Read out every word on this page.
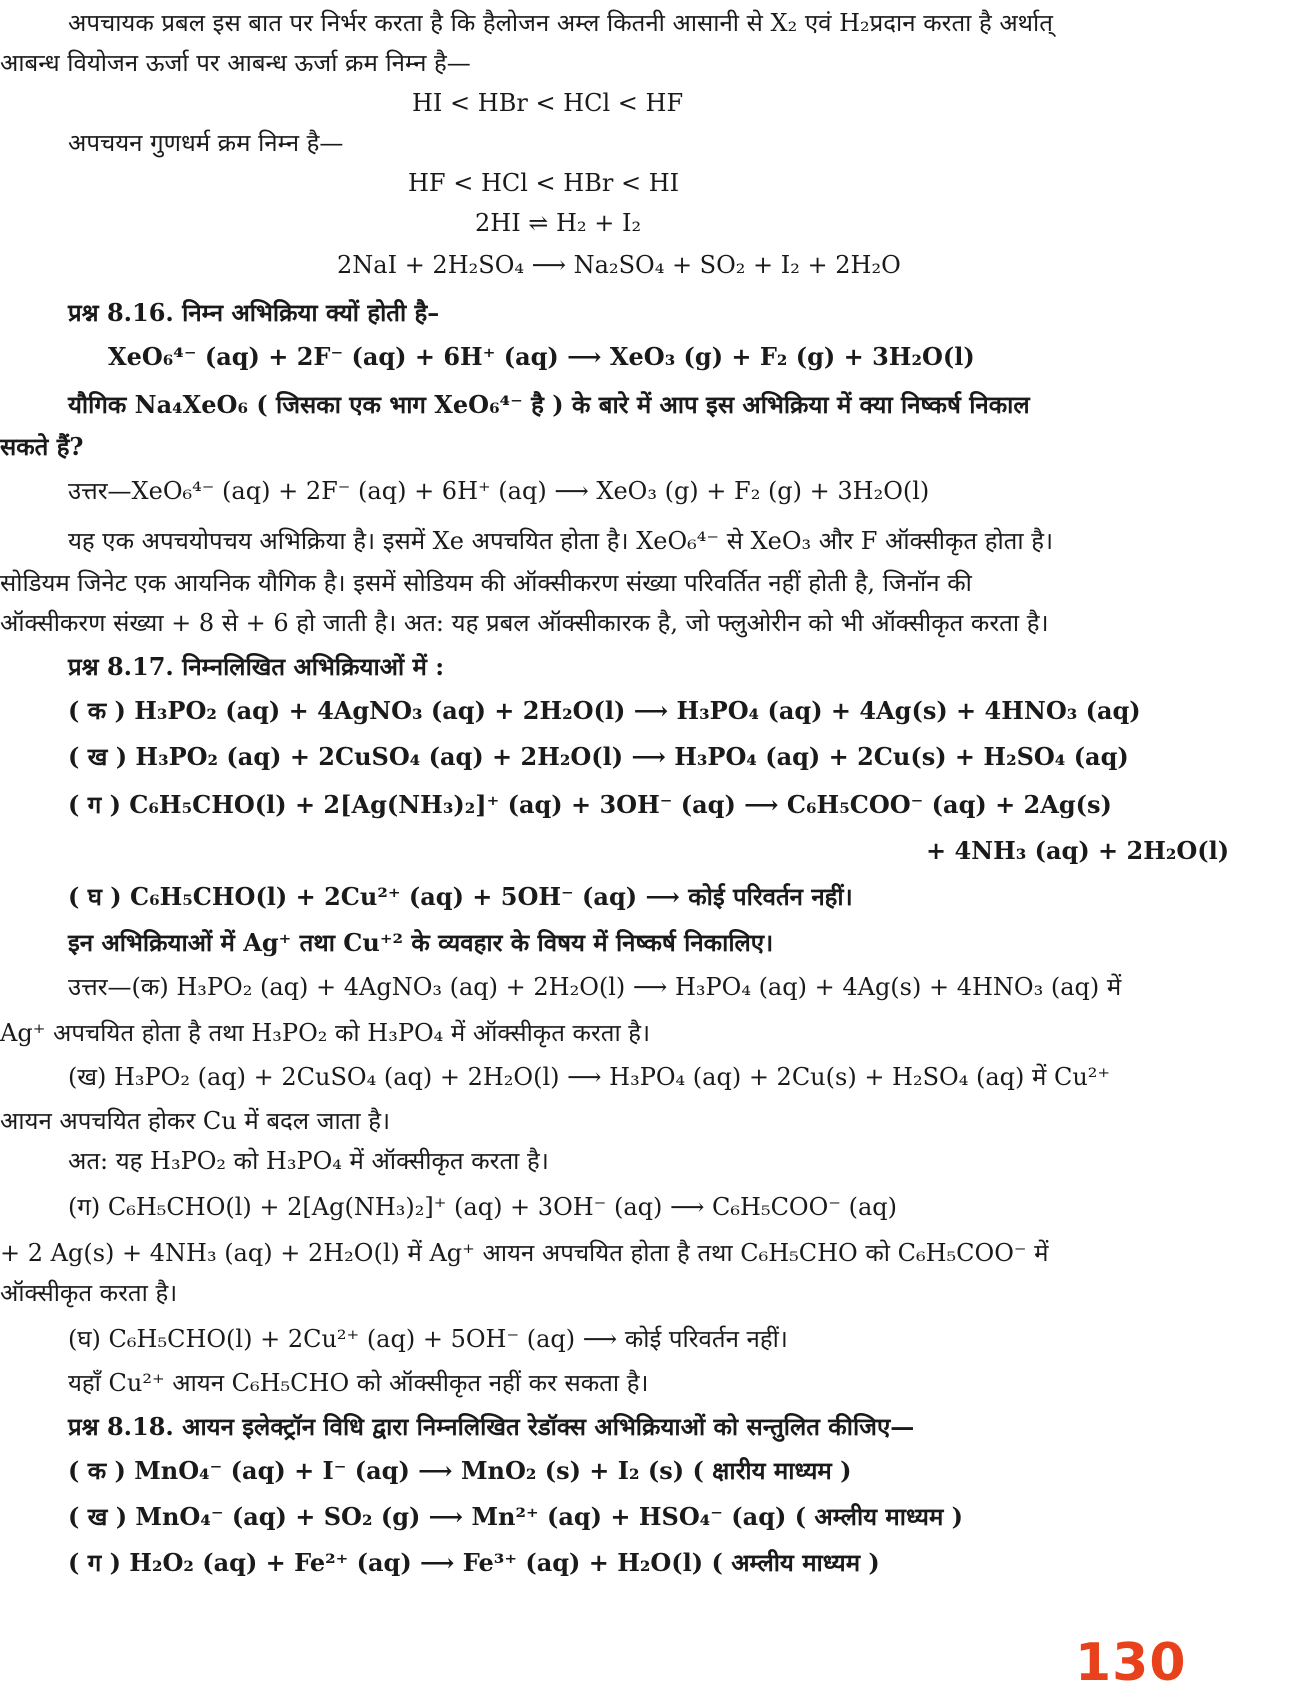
अपचायक प्रबल इस बात पर निर्भर करता है कि हैलोजन अम्ल कितनी आसानी से X₂ एवं H₂प्रदान करता है अर्थात्
आबन्ध वियोजन ऊर्जा पर आबन्ध ऊर्जा क्रम निम्न है—
HI < HBr < HCl < HF
अपचयन गुणधर्म क्रम निम्न है—
HF < HCl < HBr < HI
2HI ⇌ H₂ + I₂
2NaI + 2H₂SO₄ ⟶ Na₂SO₄ + SO₂ + I₂ + 2H₂O
प्रश्न 8.16. निम्न अभिक्रिया क्यों होती है–
XeO₆⁴⁻ (aq) + 2F⁻ (aq) + 6H⁺ (aq) ⟶ XeO₃ (g) + F₂ (g) + 3H₂O(l)
यौगिक Na₄XeO₆ ( जिसका एक भाग XeO₆⁴⁻ है ) के बारे में आप इस अभिक्रिया में क्या निष्कर्ष निकाल
सकते हैं?
उत्तर—XeO₆⁴⁻ (aq) + 2F⁻ (aq) + 6H⁺ (aq) ⟶ XeO₃ (g) + F₂ (g) + 3H₂O(l)
यह एक अपचयोपचय अभिक्रिया है। इसमें Xe अपचयित होता है। XeO₆⁴⁻ से XeO₃ और F ऑक्सीकृत होता है।
सोडियम जिनेट एक आयनिक यौगिक है। इसमें सोडियम की ऑक्सीकरण संख्या परिवर्तित नहीं होती है, जिनॉन की
ऑक्सीकरण संख्या + 8 से + 6 हो जाती है। अत: यह प्रबल ऑक्सीकारक है, जो फ्लुओरीन को भी ऑक्सीकृत करता है।
प्रश्न 8.17. निम्नलिखित अभिक्रियाओं में :
( क ) H₃PO₂ (aq) + 4AgNO₃ (aq) + 2H₂O(l) ⟶ H₃PO₄ (aq) + 4Ag(s) + 4HNO₃ (aq)
( ख ) H₃PO₂ (aq) + 2CuSO₄ (aq) + 2H₂O(l) ⟶ H₃PO₄ (aq) + 2Cu(s) + H₂SO₄ (aq)
( ग ) C₆H₅CHO(l) + 2[Ag(NH₃)₂]⁺ (aq) + 3OH⁻ (aq) ⟶ C₆H₅COO⁻ (aq) + 2Ag(s)
+ 4NH₃ (aq) + 2H₂O(l)
( घ ) C₆H₅CHO(l) + 2Cu²⁺ (aq) + 5OH⁻ (aq) ⟶ कोई परिवर्तन नहीं।
इन अभिक्रियाओं में Ag⁺ तथा Cu⁺² के व्यवहार के विषय में निष्कर्ष निकालिए।
उत्तर—(क) H₃PO₂ (aq) + 4AgNO₃ (aq) + 2H₂O(l) ⟶ H₃PO₄ (aq) + 4Ag(s) + 4HNO₃ (aq) में
Ag⁺ अपचयित होता है तथा H₃PO₂ को H₃PO₄ में ऑक्सीकृत करता है।
(ख) H₃PO₂ (aq) + 2CuSO₄ (aq) + 2H₂O(l) ⟶ H₃PO₄ (aq) + 2Cu(s) + H₂SO₄ (aq) में Cu²⁺
आयन अपचयित होकर Cu में बदल जाता है।
अत: यह H₃PO₂ को H₃PO₄ में ऑक्सीकृत करता है।
(ग) C₆H₅CHO(l) + 2[Ag(NH₃)₂]⁺ (aq) + 3OH⁻ (aq) ⟶ C₆H₅COO⁻ (aq)
+ 2 Ag(s) + 4NH₃ (aq) + 2H₂O(l) में Ag⁺ आयन अपचयित होता है तथा C₆H₅CHO को C₆H₅COO⁻ में
ऑक्सीकृत करता है।
(घ) C₆H₅CHO(l) + 2Cu²⁺ (aq) + 5OH⁻ (aq) ⟶ कोई परिवर्तन नहीं।
यहाँ Cu²⁺ आयन C₆H₅CHO को ऑक्सीकृत नहीं कर सकता है।
प्रश्न 8.18. आयन इलेक्ट्रॉन विधि द्वारा निम्नलिखित रेडॉक्स अभिक्रियाओं को सन्तुलित कीजिए—
( क ) MnO₄⁻ (aq) + I⁻ (aq) ⟶ MnO₂ (s) + I₂ (s) ( क्षारीय माध्यम )
( ख ) MnO₄⁻ (aq) + SO₂ (g) ⟶ Mn²⁺ (aq) + HSO₄⁻ (aq) ( अम्लीय माध्यम )
( ग ) H₂O₂ (aq) + Fe²⁺ (aq) ⟶ Fe³⁺ (aq) + H₂O(l) ( अम्लीय माध्यम )
130
